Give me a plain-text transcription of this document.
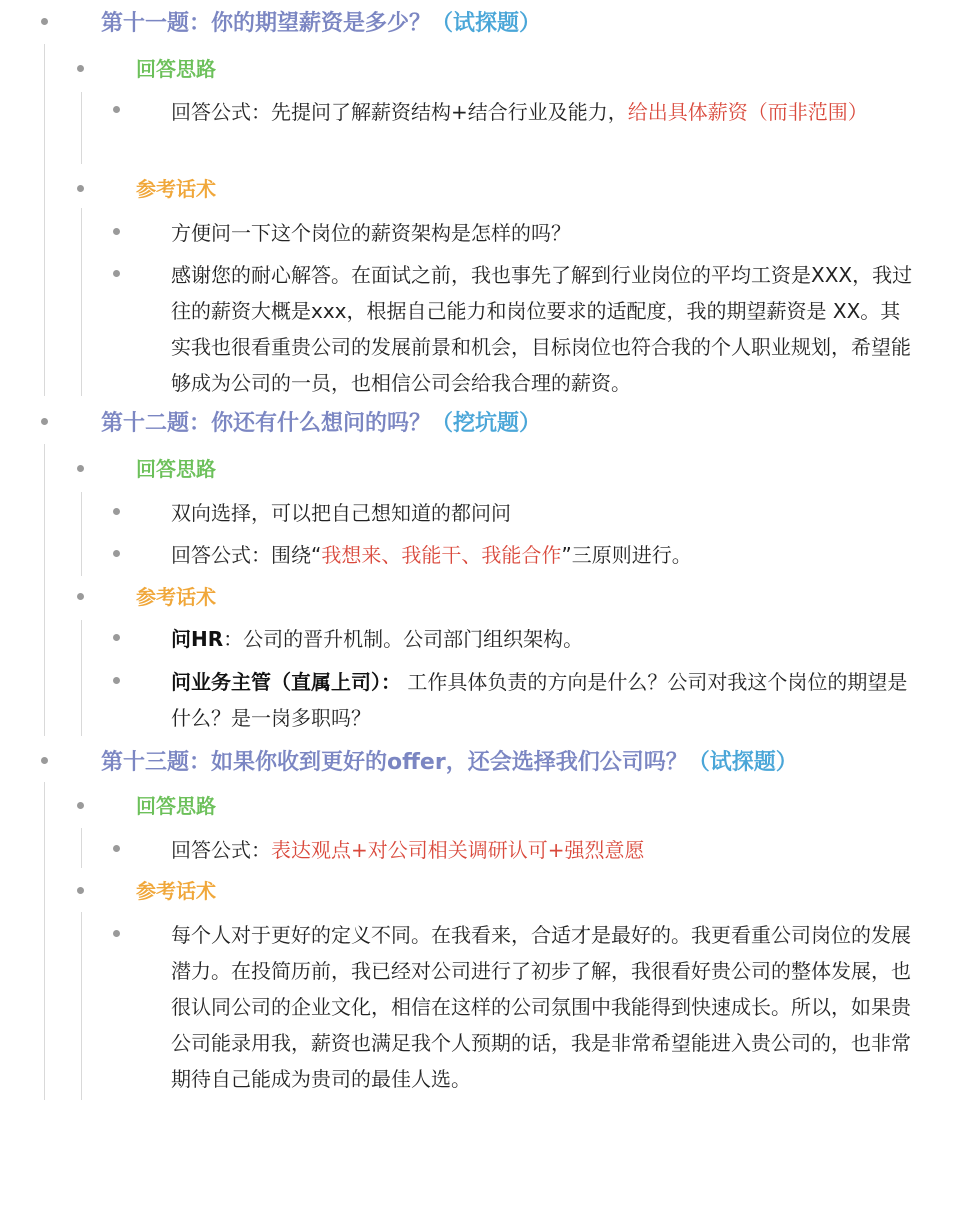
第十一题：你的期望薪资是多少？（试探题）
回答思路
回答公式：先提问了解薪资结构+结合行业及能力，给出具体薪资（而非范围）
参考话术
方便问一下这个岗位的薪资架构是怎样的吗？
感谢您的耐心解答。在面试之前，我也事先了解到行业岗位的平均工资是XXX，我过往的薪资大概是xxx，根据自己能力和岗位要求的适配度，我的期望薪资是 XX。其实我也很看重贵公司的发展前景和机会，目标岗位也符合我的个人职业规划，希望能够成为公司的一员，也相信公司会给我合理的薪资。
第十二题：你还有什么想问的吗？（挖坑题）
回答思路
双向选择，可以把自己想知道的都问问
回答公式：围绕“我想来、我能干、我能合作”三原则进行。
参考话术
问HR：公司的晋升机制。公司部门组织架构。
问业务主管（直属上司）： 工作具体负责的方向是什么？公司对我这个岗位的期望是什么？是一岗多职吗？
第十三题：如果你收到更好的offer，还会选择我们公司吗？（试探题）
回答思路
回答公式：表达观点+对公司相关调研认可+强烈意愿
参考话术
每个人对于更好的定义不同。在我看来，合适才是最好的。我更看重公司岗位的发展潜力。在投简历前，我已经对公司进行了初步了解，我很看好贵公司的整体发展，也很认同公司的企业文化，相信在这样的公司氛围中我能得到快速成长。所以，如果贵公司能录用我，薪资也满足我个人预期的话，我是非常希望能进入贵公司的，也非常期待自己能成为贵司的最佳人选。
